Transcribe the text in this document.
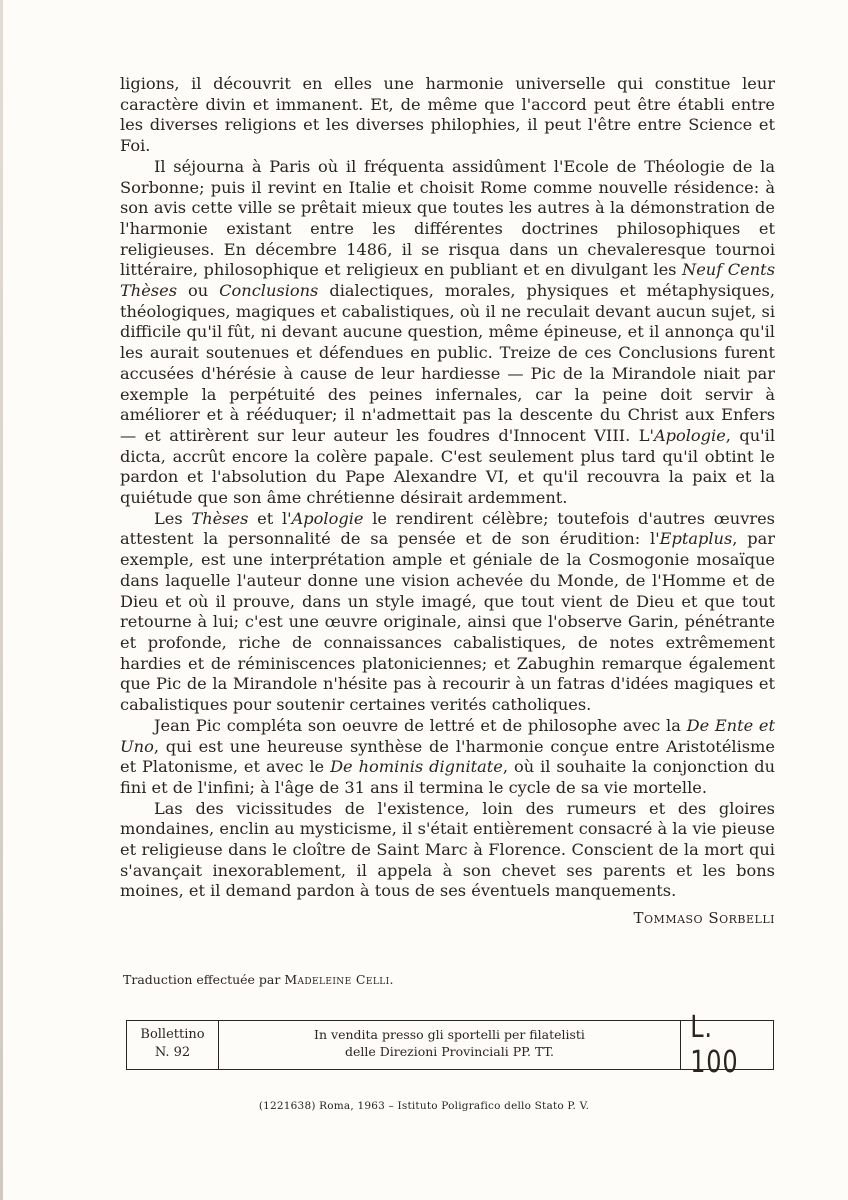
ligions, il découvrit en elles une harmonie universelle qui constitue leur caractère divin et immanent. Et, de même que l'accord peut être établi entre les diverses religions et les diverses philophies, il peut l'être entre Science et Foi.

Il séjourna à Paris où il fréquenta assidûment l'Ecole de Théologie de la Sorbonne; puis il revint en Italie et choisit Rome comme nouvelle résidence: à son avis cette ville se prêtait mieux que toutes les autres à la démonstration de l'harmonie existant entre les différentes doctrines philosophiques et religieuses. En décembre 1486, il se risqua dans un chevaleresque tournoi littéraire, philosophique et religieux en publiant et en divulgant les Neuf Cents Thèses ou Conclusions dialectiques, morales, physiques et métaphysiques, théologiques, magiques et cabalistiques, où il ne reculait devant aucun sujet, si difficile qu'il fût, ni devant aucune question, même épineuse, et il annonça qu'il les aurait soutenues et défendues en public. Treize de ces Conclusions furent accusées d'hérésie à cause de leur hardiesse — Pic de la Mirandole niait par exemple la perpétuité des peines infernales, car la peine doit servir à améliorer et à rééduquer; il n'admettait pas la descente du Christ aux Enfers — et attirèrent sur leur auteur les foudres d'Innocent VIII. L'Apologie, qu'il dicta, accrût encore la colère papale. C'est seulement plus tard qu'il obtint le pardon et l'absolution du Pape Alexandre VI, et qu'il recouvra la paix et la quiétude que son âme chrétienne désirait ardemment.

Les Thèses et l'Apologie le rendirent célèbre; toutefois d'autres œuvres attestent la personnalité de sa pensée et de son érudition: l'Eptaplus, par exemple, est une interprétation ample et géniale de la Cosmogonie mosaïque dans laquelle l'auteur donne une vision achevée du Monde, de l'Homme et de Dieu et où il prouve, dans un style imagé, que tout vient de Dieu et que tout retourne à lui; c'est une œuvre originale, ainsi que l'observe Garin, pénétrante et profonde, riche de connaissances cabalistiques, de notes extrêmement hardies et de réminiscences platoniciennes; et Zabughin remarque également que Pic de la Mirandole n'hésite pas à recourir à un fatras d'idées magiques et cabalistiques pour soutenir certaines verités catholiques.

Jean Pic compléta son oeuvre de lettré et de philosophe avec la De Ente et Uno, qui est une heureuse synthèse de l'harmonie conçue entre Aristotélisme et Platonisme, et avec le De hominis dignitate, où il souhaite la conjonction du fini et de l'infini; à l'âge de 31 ans il termina le cycle de sa vie mortelle.

Las des vicissitudes de l'existence, loin des rumeurs et des gloires mondaines, enclin au mysticisme, il s'était entièrement consacré à la vie pieuse et religieuse dans le cloître de Saint Marc à Florence. Conscient de la mort qui s'avançait inexorablement, il appela à son chevet ses parents et les bons moines, et il demand pardon à tous de ses éventuels manquements.

Tommaso Sorbelli
Traduction effectuée par Madeleine Celli.
Bollettino
N. 92
In vendita presso gli sportelli per filatelisti
delle Direzioni Provinciali PP. TT.
L. 100
(1221638) Roma, 1963 – Istituto Poligrafico dello Stato P. V.
